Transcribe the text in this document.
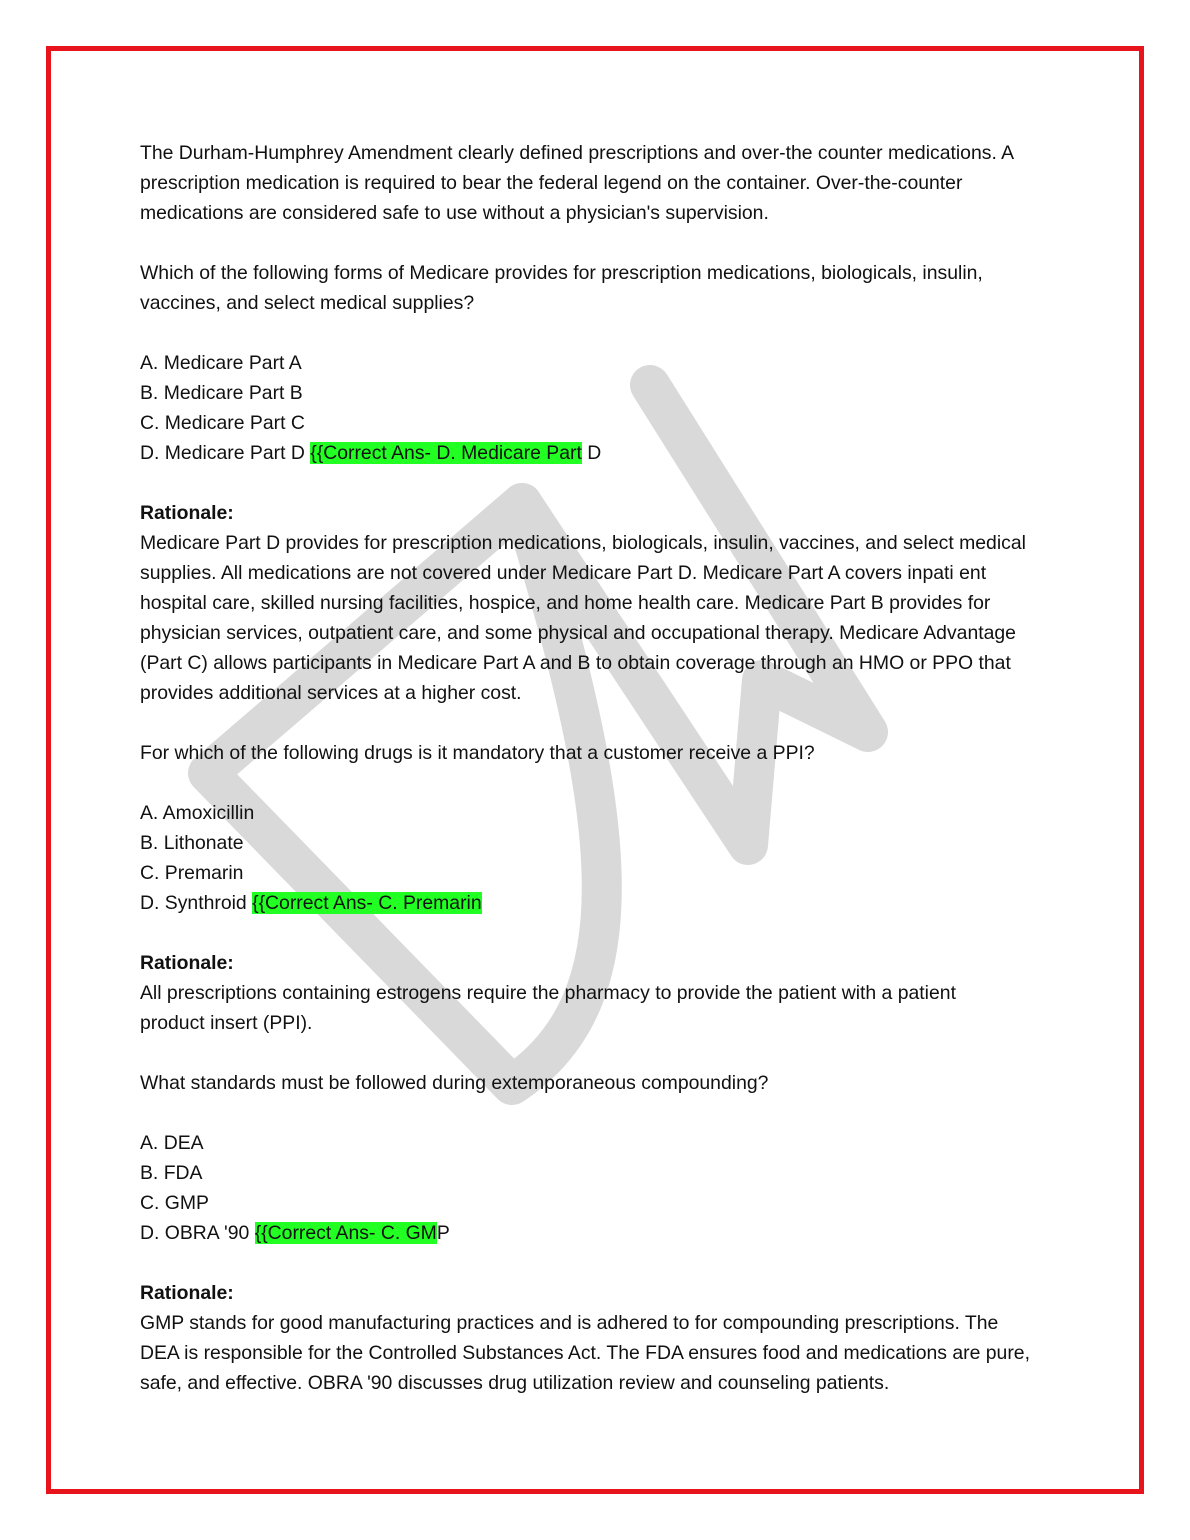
The Durham-Humphrey Amendment clearly defined prescriptions and over-the counter medications. A

prescription medication is required to bear the federal legend on the container. Over-the-counter

medications are considered safe to use without a physician's supervision.

Which of the following forms of Medicare provides for prescription medications, biologicals, insulin,

vaccines, and select medical supplies?

A. Medicare Part A

B. Medicare Part B

C. Medicare Part C

D. Medicare Part D {{Correct Ans- D. Medicare Part D

Rationale:

Medicare Part D provides for prescription medications, biologicals, insulin, vaccines, and select medical

supplies. All medications are not covered under Medicare Part D. Medicare Part A covers inpati ent

hospital care, skilled nursing facilities, hospice, and home health care. Medicare Part B provides for

physician services, outpatient care, and some physical and occupational therapy. Medicare Advantage

(Part C) allows participants in Medicare Part A and B to obtain coverage through an HMO or PPO that

provides additional services at a higher cost.

For which of the following drugs is it mandatory that a customer receive a PPI?

A. Amoxicillin

B. Lithonate

C. Premarin

D. Synthroid {{Correct Ans- C. Premarin

Rationale:

All prescriptions containing estrogens require the pharmacy to provide the patient with a patient

product insert (PPI).

What standards must be followed during extemporaneous compounding?

A. DEA

B. FDA

C. GMP

D. OBRA '90 {{Correct Ans- C. GMP

Rationale:

GMP stands for good manufacturing practices and is adhered to for compounding prescriptions. The

DEA is responsible for the Controlled Substances Act. The FDA ensures food and medications are pure,

safe, and effective. OBRA '90 discusses drug utilization review and counseling patients.
